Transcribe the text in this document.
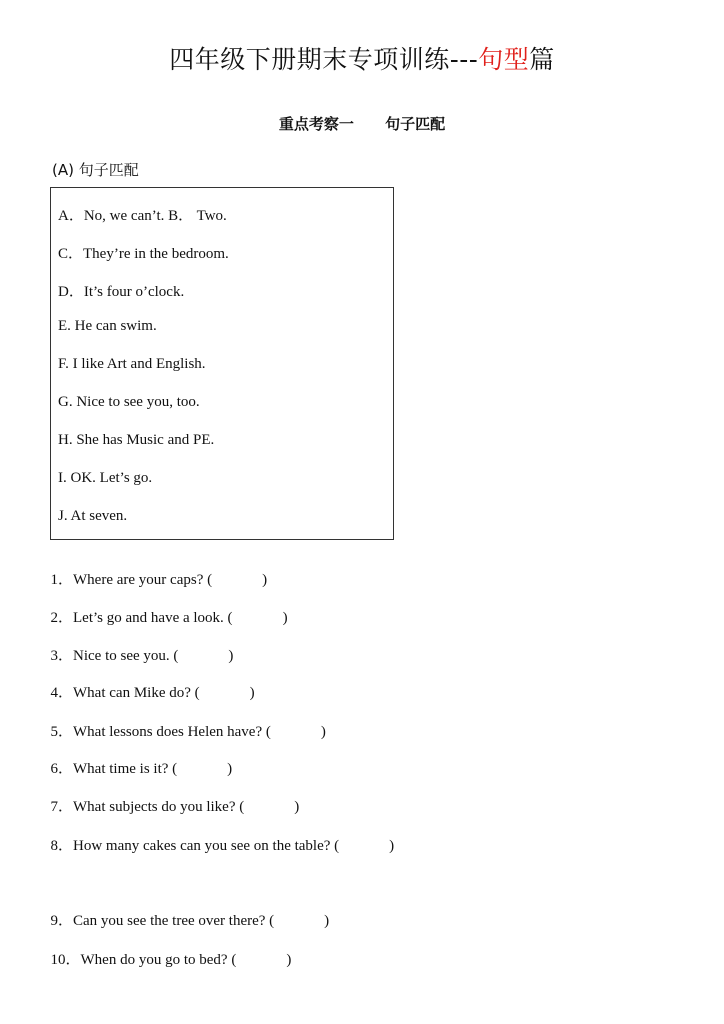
四年级下册期末专项训练---句型篇
重点考察一      句子匹配
(A) 句子匹配
A．No, we can’t. B． Two.
C．They’re in the bedroom.
D．It’s four o’clock.
E. He can swim.
F. I like Art and English.
G. Nice to see you, too.
H. She has Music and PE.
I. OK. Let’s go.
J. At seven.

1．Where are your caps? (	)

2．Let’s go and have a look. (	)

3．Nice to see you. (	)

4．What can Mike do? (	)

5．What lessons does Helen have? (	)

6．What time is it? (	)

7．What subjects do you like? (	)

8．How many cakes can you see on the table? (	)

9．Can you see the tree over there? (	)

10．When do you go to bed? (	)
